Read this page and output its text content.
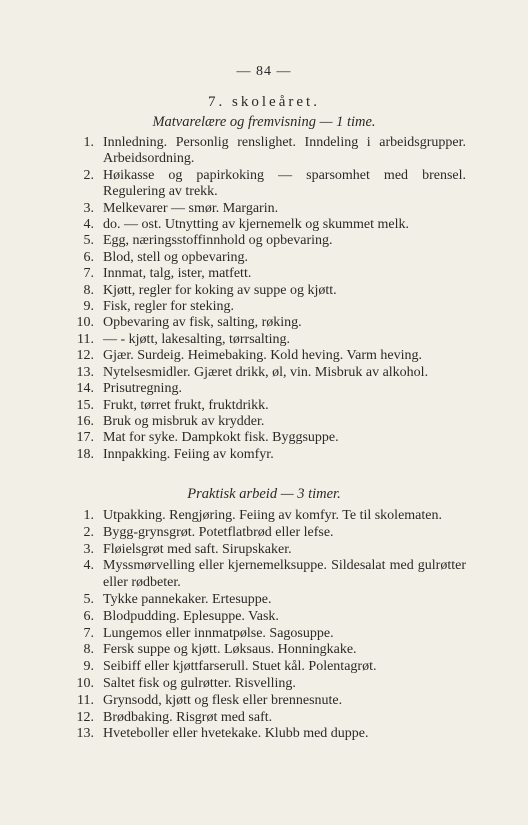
— 84 —
7. skoleåret.
Matvarelære og fremvisning — 1 time.
1. Innledning. Personlig renslighet. Inndeling i arbeidsgrupper. Arbeidsordning.
2. Høikasse og papirkoking — sparsomhet med brensel. Regulering av trekk.
3. Melkevarer — smør. Margarin.
4. do. — ost. Utnytting av kjernemelk og skummet melk.
5. Egg, næringsstoffinnhold og opbevaring.
6. Blod, stell og opbevaring.
7. Innmat, talg, ister, matfett.
8. Kjøtt, regler for koking av suppe og kjøtt.
9. Fisk, regler for steking.
10. Opbevaring av fisk, salting, røking.
11. — - kjøtt, lakesalting, tørrsalting.
12. Gjær. Surdeig. Heimebaking. Kold heving. Varm heving.
13. Nytelsesmidler. Gjæret drikk, øl, vin. Misbruk av alkohol.
14. Prisutregning.
15. Frukt, tørret frukt, fruktdrikk.
16. Bruk og misbruk av krydder.
17. Mat for syke. Dampkokt fisk. Byggsuppe.
18. Innpakking. Feiing av komfyr.
Praktisk arbeid — 3 timer.
1. Utpakking. Rengjøring. Feiing av komfyr. Te til skolematen.
2. Bygg-grynsgrøt. Potetflatbrød eller lefse.
3. Fløielsgrøt med saft. Sirupskaker.
4. Myssmørvelling eller kjernemelksuppe. Sildesalat med gulrøtter eller rødbeter.
5. Tykke pannekaker. Ertesuppe.
6. Blodpudding. Eplesuppe. Vask.
7. Lungemos eller innmatpølse. Sagosuppe.
8. Fersk suppe og kjøtt. Løksaus. Honningkake.
9. Seibiff eller kjøttfarserull. Stuet kål. Polentagrøt.
10. Saltet fisk og gulrøtter. Risvelling.
11. Grynsodd, kjøtt og flesk eller brennesnute.
12. Brødbaking. Risgrøt med saft.
13. Hveteboller eller hvetekake. Klubb med duppe.
